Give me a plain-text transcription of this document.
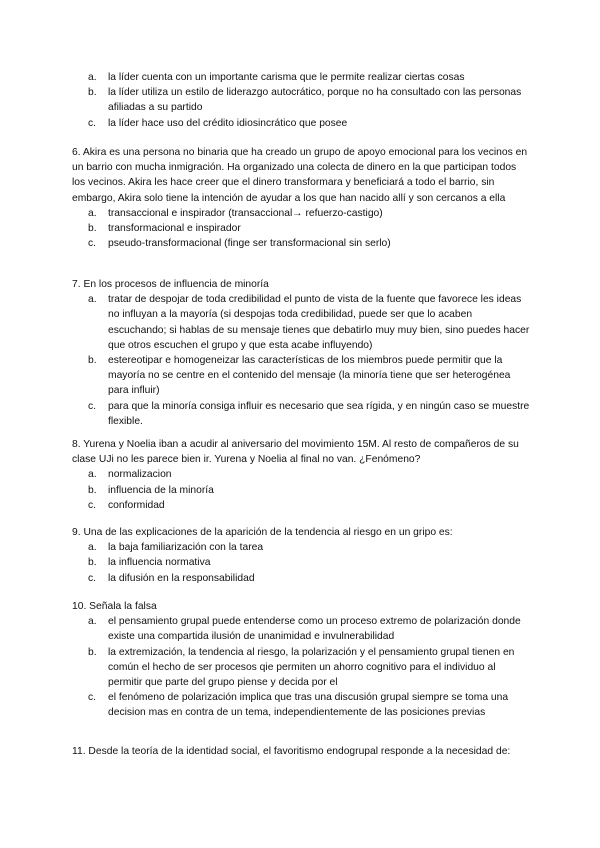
a. la líder cuenta con un importante carisma que le permite realizar ciertas cosas
b. la líder utiliza un estilo de liderazgo autocrático, porque no ha consultado con las personas afiliadas a su partido
c. la líder hace uso del crédito idiosincrático que posee

6. Akira es una persona no binaria que ha creado un grupo de apoyo emocional para los vecinos en un barrio con mucha inmigración. Ha organizado una colecta de dinero en la que participan todos los vecinos. Akira les hace creer que el dinero transformara y beneficiará a todo el barrio, sin embargo, Akira solo tiene la intención de ayudar a los que han nacido allí y son cercanos a ella

a. transaccional e inspirador (transaccional→ refuerzo-castigo)
b. transformacional e inspirador
c. pseudo-transformacional (finge ser transformacional sin serlo)

7. En los procesos de influencia de minoría

a. tratar de despojar de toda credibilidad el punto de vista de la fuente que favorece les ideas no influyan a la mayoría (si despojas toda credibilidad, puede ser que lo acaben escuchando; si hablas de su mensaje tienes que debatirlo muy muy bien, sino puedes hacer que otros escuchen el grupo y que esta acabe influyendo)
b. estereotipar e homogeneizar las características de los miembros puede permitir que la mayoría no se centre en el contenido del mensaje (la minoría tiene que ser heterogénea para influir)
c. para que la minoría consiga influir es necesario que sea rígida, y en ningún caso se muestre flexible.

8. Yurena y Noelia iban a acudir al aniversario del movimiento 15M. Al resto de compañeros de su clase UJi no les parece bien ir. Yurena y Noelia al final no van. ¿Fenómeno?

a. normalizacion
b. influencia de la minoría
c. conformidad

9. Una de las explicaciones de la aparición de la tendencia al riesgo en un gripo es:

a. la baja familiarización con la tarea
b. la influencia normativa
c. la difusión en la responsabilidad

10. Señala la falsa

a. el pensamiento grupal puede entenderse como un proceso extremo de polarización donde existe una compartida ilusión de unanimidad e invulnerabilidad
b. la extremización, la tendencia al riesgo, la polarización y el pensamiento grupal tienen en común el hecho de ser procesos qie permiten un ahorro cognitivo para el individuo al permitir que parte del grupo piense y decida por el
c. el fenómeno de polarización implica que tras una discusión grupal siempre se toma una decision mas en contra de un tema, independientemente de las posiciones previas

11. Desde la teoría de la identidad social, el favoritismo endogrupal responde a la necesidad de:
